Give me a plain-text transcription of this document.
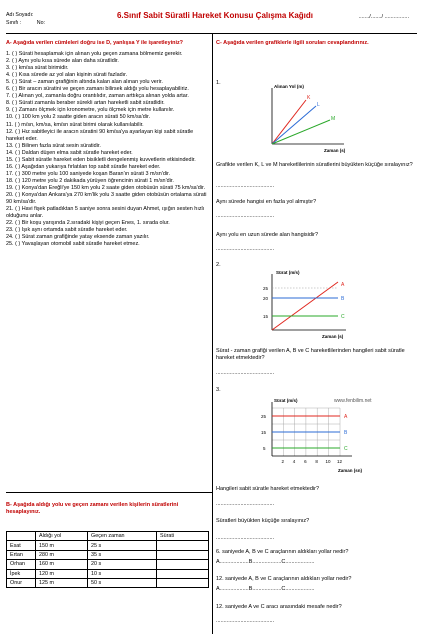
Adı Soyadı:
Sınıfı :	No:
6.Sınıf Sabit Süratli Hareket Konusu Çalışma Kağıdı	......./......./ ................
A- Aşağıda verilen cümleleri doğru ise D, yanlışsa Y ile işaretleyiniz?
1. ( ) Sürati hesaplamak için alınan yolu geçen zamana bölmemiz gerekir.
2. ( ) Aynı yolu kısa sürede alan daha süratlidir.
3. ( ) km/sa sürat birimidir.
4. ( ) Kısa sürede az yol alan kişinin sürati fazladır.
5. ( ) Sürat – zaman grafiğinin altında kalan alan alınan yolu verir.
6. ( ) Bir aracın süratini ve geçen zamanı bilirsek aldığı yolu hesaplayabiliriz.
7. ( ) Alınan yol, zamanla doğru orantılıdır, zaman arttıkça alınan yolda artar.
8. ( ) Sürati zamanla beraber sürekli artan hareketli sabit süratlidir.
9. ( ) Zamanı ölçmek için kronometre, yolu ölçmek için metre kullanılır.
10. ( ) 100 km yolu 2 saatte giden aracın sürati 50 km/sa'dir.
11. ( ) m/sn, km/sa, km/sn sürat birimi olarak kullanılabilir.
12. ( ) Hız sabitleyici ile aracın süratini 90 km/sa'ya ayarlayan kişi sabit süratle hareket eder.
13. ( ) Bilinen fazla sürat sesin süratidir.
14. ( ) Daldan düşen elma sabit süratle hareket eder.
15. ( ) Sabit süratle hareket eden bisikletli dengelenmiş kuvvetlerin etkisindedir.
16. ( ) Aşağıdan yukarıya fırlatılan top sabit süratle hareket eder.
17. ( ) 300 metre yolu 100 saniyede koşan Baran'ın sürati 3 m/sn'dir.
18. ( ) 120 metre yolu 2 dakikada yürüyen öğrencinin sürati 1 m/sn'dir.
19. ( ) Konya'dan Ereğli'ye 150 km yolu 2 saate giden otobüsün sürati 75 km/sa'dir.
20. ( ) Konya'dan Ankara'ya 270 km'lik yolu 3 saatte giden otobüsün ortalama sürati 90 km/sa'dir.
21. ( ) Havi fişek patladıktan 5 saniye sonra sesini duyan Ahmet, ışığın sesten hızlı olduğunu anlar.
22. ( ) Bir koşu yarışında 2.sıradaki kişiyi geçen Enes, 1. sırada olur.
23. ( ) Işık aynı ortamda sabit süratle hareket eder.
24. ( ) Sürat zaman grafiğinde yatay eksende zaman yazılır.
25. ( ) Yavaşlayan otomobil sabit süratle hareket etmez.
B- Aşağıda aldığı yolu ve geçen zamanı verilen kişilerin süratlerini hesaplayınız.
	Aldığı yol	Geçen zaman	Sürati
Esat	150 m	25 s	
Ertan	280 m	35 s	
Orhan	160 m	20 s	
İpek	120 m	10 s	
Onur	125 m	50 s	
C- Aşağıda verilen grafiklerle ilgili soruları cevaplandırınız.
1.
Alınan Yol (m)
K
L
M
Zaman (s)
Grafikte verilen K, L ve M hareketlilerinin süratlerini büyükten küçüğe sıralayınız?
......................................
Aynı sürede hangisi en fazla yol almıştır?
......................................
Aynı yolu en uzun sürede alan hangisidir?
......................................
2.
Sürat (m/s)
25
20
15
A
B
C
Zaman (s)
Sürat - zaman grafiği verilen A, B ve C hareketlilerinden hangileri sabit süratle hareket etmektedir?
......................................
3.
www.fenbilim.net
Sürat (m/s)
A
B
C
25
15
5
2 4 6 8 10 12
Zaman (sn)
Hangileri sabit süratle hareket etmektedir?
......................................
Süratleri büyükten küçüğe sıralayınız?
......................................
6. saniyede A, B ve C araçlarının aldıkları yollar nedir?
A...................B...................C...................
12. saniyede A, B ve C araçlarının aldıkları yollar nedir?
A...................B...................C...................
12. saniyede A ve C aracı arasındaki mesafe nedir?
......................................
